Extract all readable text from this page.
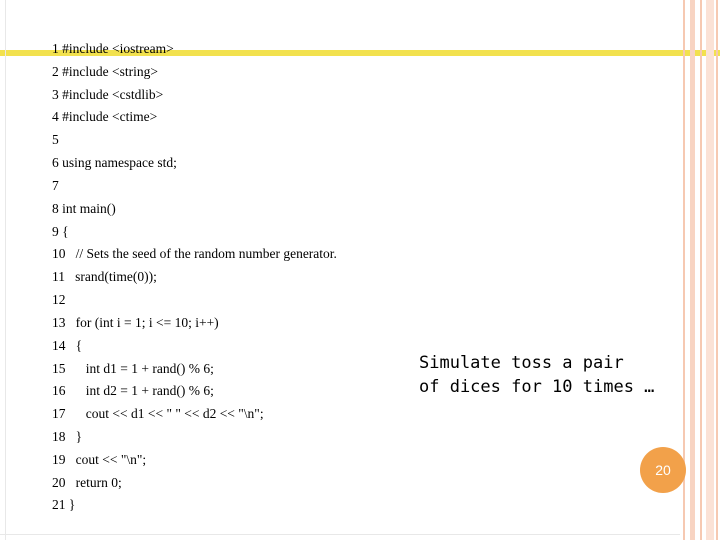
1 #include <iostream>
2 #include <string>
3 #include <cstdlib>
4 #include <ctime>
5
6 using namespace std;
7
8 int main()
9 {
10 // Sets the seed of the random number generator.
11 srand(time(0));
12
13 for (int i = 1; i <= 10; i++)
14 {
15 int d1 = 1 + rand() % 6;
16 int d2 = 1 + rand() % 6;
17 cout << d1 << " " << d2 << "\n";
18 }
19 cout << "\n";
20 return 0;
21 }
Simulate toss a pair
of dices for 10 times …
20
